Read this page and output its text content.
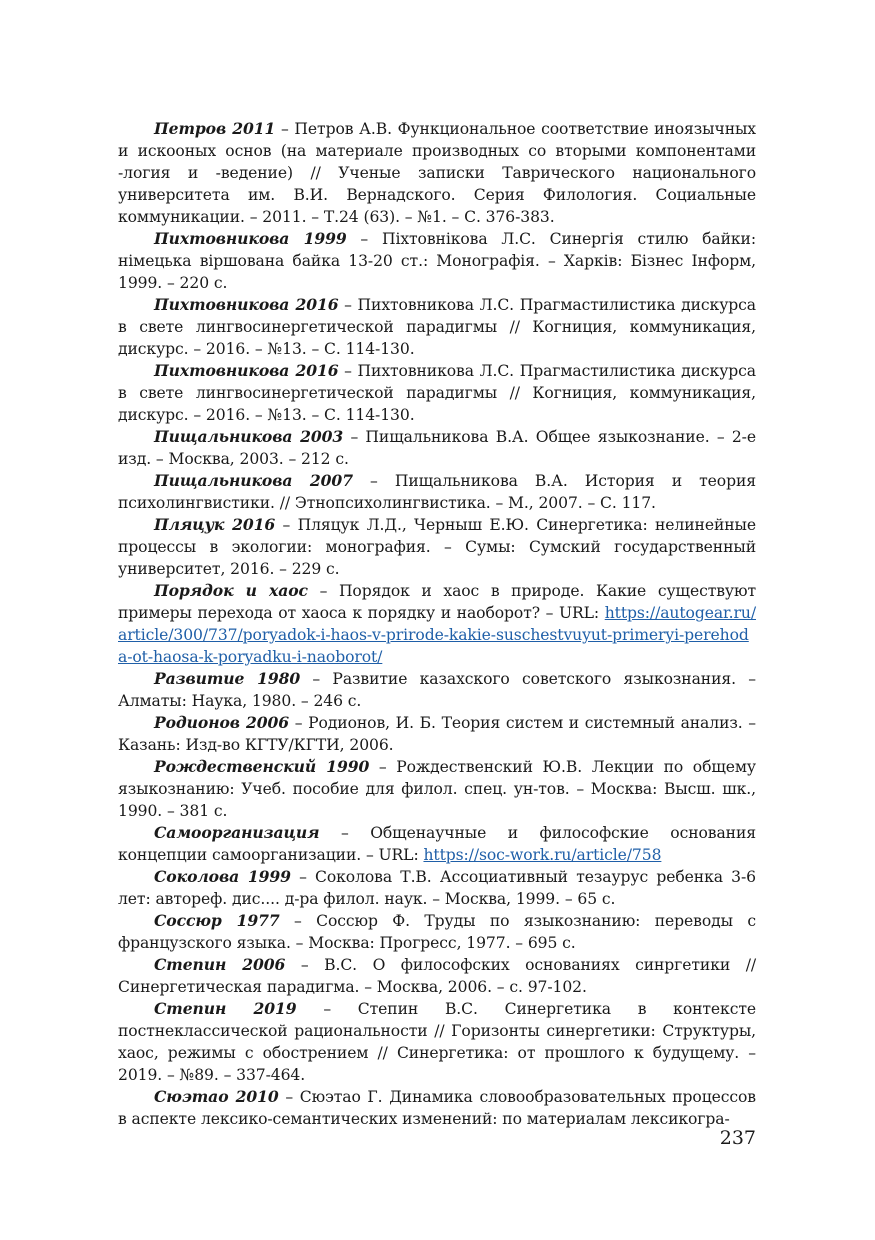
Петров 2011 – Петров А.В. Функциональное соответствие иноязычных и искооных основ (на материале производных со вторыми компонентами -логия и -ведение) // Ученые записки Таврического национального университета им. В.И. Вернадского. Серия Филология. Социальные коммуникации. – 2011. – Т.24 (63). – №1. – С. 376-383.

Пихтовникова 1999 – Піхтовнікова Л.С. Синергія стилю байки: німецька віршована байка 13-20 ст.: Монографія. – Харків: Бізнес Інформ, 1999. – 220 с.

Пихтовникова 2016 – Пихтовникова Л.С. Прагмастилистика дискурса в свете лингвосинергетической парадигмы // Когниция, коммуникация, дискурс. – 2016. – №13. – С. 114-130.

Пихтовникова 2016 – Пихтовникова Л.С. Прагмастилистика дискурса в свете лингвосинергетической парадигмы // Когниция, коммуникация, дискурс. – 2016. – №13. – С. 114-130.

Пищальникова 2003 – Пищальникова В.А. Общее языкознание. – 2-е изд. – Москва, 2003. – 212 с.

Пищальникова 2007 – Пищальникова В.А. История и теория психолингвистики. // Этнопсихолингвистика. – М., 2007. – С. 117.

Пляцук 2016 – Пляцук Л.Д., Черныш Е.Ю. Синергетика: нелинейные процессы в экологии: монография. – Сумы: Сумский государственный университет, 2016. – 229 с.

Порядок и хаос – Порядок и хаос в природе. Какие существуют примеры перехода от хаоса к порядку и наоборот? – URL: https://autogear.ru/article/300/737/poryadok-i-haos-v-prirode-kakie-suschestvuyut-primeryi-perehoda-ot-haosa-k-poryadku-i-naoborot/

Развитие 1980 – Развитие казахского советского языкознания. – Алматы: Наука, 1980. – 246 с.

Родионов 2006 – Родионов, И. Б. Теория систем и системный анализ. – Казань: Изд-во КГТУ/КГТИ, 2006.

Рождественский 1990 – Рождественский Ю.В. Лекции по общему языкознанию: Учеб. пособие для филол. спец. ун-тов. – Москва: Высш. шк., 1990. – 381 с.

Самоорганизация – Общенаучные и философские основания концепции самоорганизации. – URL: https://soc-work.ru/article/758

Соколова 1999 – Соколова Т.В. Ассоциативный тезаурус ребенка 3-6 лет: автореф. дис.... д-ра филол. наук. – Москва, 1999. – 65 с.

Соссюр 1977 – Соссюр Ф. Труды по языкознанию: переводы с французского языка. – Москва: Прогресс, 1977. – 695 с.

Степин 2006 – В.С. О философских основаниях синргетики // Синергетическая парадигма. – Москва, 2006. – с. 97-102.

Степин 2019 – Степин В.С. Синергетика в контексте постнеклассической рациональности // Горизонты синергетики: Структуры, хаос, режимы с обострением // Синергетика: от прошлого к будущему. – 2019. – №89. – 337-464.

Сюэтао 2010 – Сюэтао Г. Динамика словообразовательных процессов в аспекте лексико-семантических изменений: по материалам лексикогра-

237
